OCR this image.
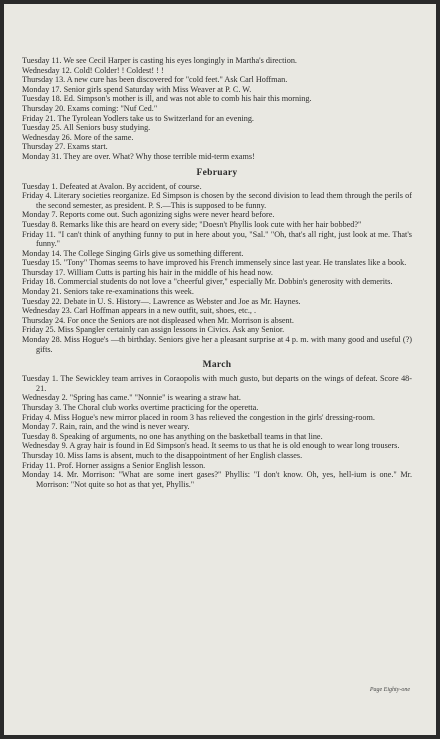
Tuesday 11. We see Cecil Harper is casting his eyes longingly in Martha's direction.

Wednesday 12. Cold! Colder! ! Coldest! ! !

Thursday 13. A new cure has been discovered for "cold feet." Ask Carl Hoffman.

Monday 17. Senior girls spend Saturday with Miss Weaver at P. C. W.

Tuesday 18. Ed. Simpson's mother is ill, and was not able to comb his hair this morning.

Thursday 20. Exams coming: "Nuf Ced."

Friday 21. The Tyrolean Yodlers take us to Switzerland for an evening.

Tuesday 25. All Seniors busy studying.

Wednesday 26. More of the same.

Thursday 27. Exams start.

Monday 31. They are over. What? Why those terrible mid-term exams!

February

Tuesday 1. Defeated at Avalon. By accident, of course.

Friday 4. Literary societies reorganize. Ed Simpson is chosen by the second division to lead them through the perils of the second semester, as president. P. S.—This is supposed to be funny.

Monday 7. Reports come out. Such agonizing sighs were never heard before.

Tuesday 8. Remarks like this are heard on every side; "Doesn't Phyllis look cute with her hair bobbed?"

Friday 11. "I can't think of anything funny to put in here about you, "Sal." "Oh, that's all right, just look at me. That's funny."

Monday 14. The College Singing Girls give us something different.

Tuesday 15. "Tony" Thomas seems to have improved his French immensely since last year. He translates like a book.

Thursday 17. William Cutts is parting his hair in the middle of his head now.

Friday 18. Commercial students do not love a "cheerful giver," especially Mr. Dobbin's generosity with demerits.

Monday 21. Seniors take re-examinations this week.

Tuesday 22. Debate in U. S. History—. Lawrence as Webster and Joe as Mr. Haynes.

Wednesday 23. Carl Hoffman appears in a new outfit, suit, shoes, etc., .

Thursday 24. For once the Seniors are not displeased when Mr. Morrison is absent.

Friday 25. Miss Spangler certainly can assign lessons in Civics. Ask any Senior.

Monday 28. Miss Hogue's —th birthday. Seniors give her a pleasant surprise at 4 p. m. with many good and useful (?) gifts.

March

Tuesday 1. The Sewickley team arrives in Coraopolis with much gusto, but departs on the wings of defeat. Score 48-21.

Wednesday 2. "Spring has came." "Nonnie" is wearing a straw hat.

Thursday 3. The Choral club works overtime practicing for the operetta.

Friday 4. Miss Hogue's new mirror placed in room 3 has relieved the congestion in the girls' dressing-room.

Monday 7. Rain, rain, and the wind is never weary.

Tuesday 8. Speaking of arguments, no one has anything on the basketball teams in that line.

Wednesday 9. A gray hair is found in Ed Simpson's head. It seems to us that he is old enough to wear long trousers.

Thursday 10. Miss Iams is absent, much to the disappointment of her English classes.

Friday 11. Prof. Horner assigns a Senior English lesson.

Monday 14. Mr. Morrison: "What are some inert gases?" Phyllis: "I don't know. Oh, yes, hell-ium is one." Mr. Morrison: "Not quite so hot as that yet, Phyllis."

Page Eighty-one
